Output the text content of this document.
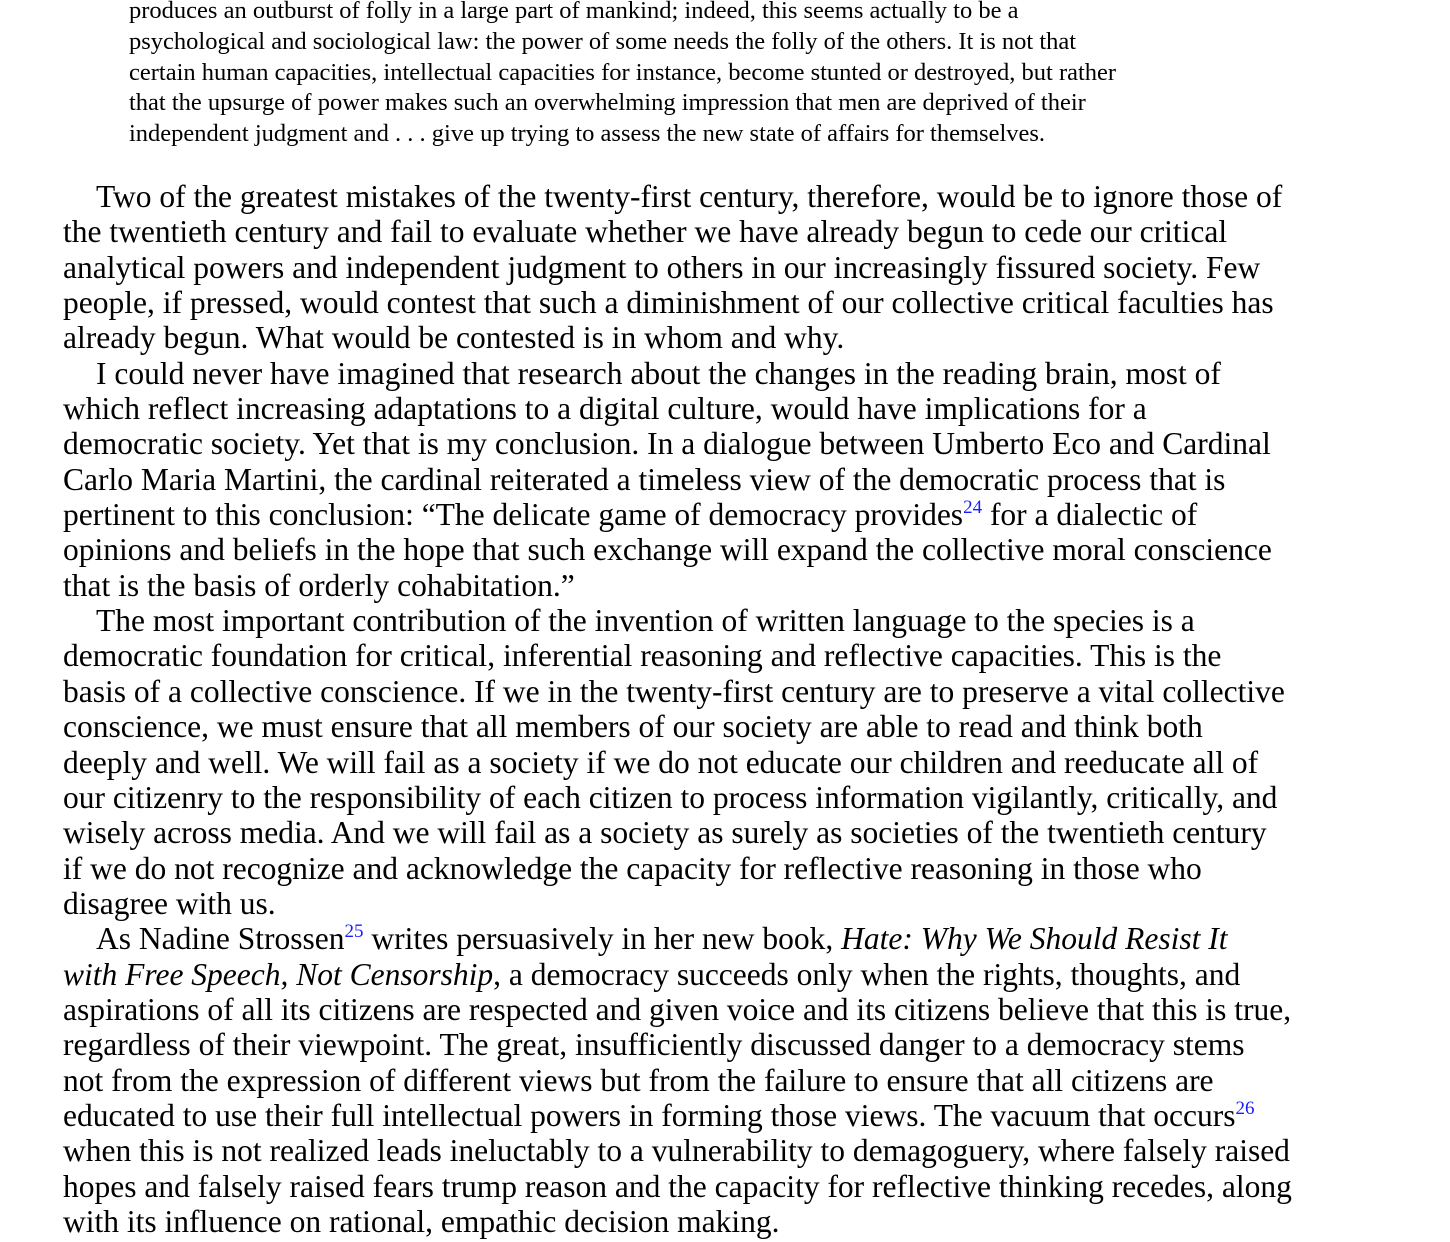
produces an outburst of folly in a large part of mankind; indeed, this seems actually to be a
psychological and sociological law: the power of some needs the folly of the others. It is not that
certain human capacities, intellectual capacities for instance, become stunted or destroyed, but rather
that the upsurge of power makes such an overwhelming impression that men are deprived of their
independent judgment and . . . give up trying to assess the new state of affairs for themselves.
Two of the greatest mistakes of the twenty-first century, therefore, would be to ignore those of
the twentieth century and fail to evaluate whether we have already begun to cede our critical
analytical powers and independent judgment to others in our increasingly fissured society. Few
people, if pressed, would contest that such a diminishment of our collective critical faculties has
already begun. What would be contested is in whom and why.
I could never have imagined that research about the changes in the reading brain, most of
which reflect increasing adaptations to a digital culture, would have implications for a
democratic society. Yet that is my conclusion. In a dialogue between Umberto Eco and Cardinal
Carlo Maria Martini, the cardinal reiterated a timeless view of the democratic process that is
pertinent to this conclusion: “The delicate game of democracy provides$^{24}$ for a dialectic of
opinions and beliefs in the hope that such exchange will expand the collective moral conscience
that is the basis of orderly cohabitation.”
The most important contribution of the invention of written language to the species is a
democratic foundation for critical, inferential reasoning and reflective capacities. This is the
basis of a collective conscience. If we in the twenty-first century are to preserve a vital collective
conscience, we must ensure that all members of our society are able to read and think both
deeply and well. We will fail as a society if we do not educate our children and reeducate all of
our citizenry to the responsibility of each citizen to process information vigilantly, critically, and
wisely across media. And we will fail as a society as surely as societies of the twentieth century
if we do not recognize and acknowledge the capacity for reflective reasoning in those who
disagree with us.
As Nadine Strossen$^{25}$ writes persuasively in her new book, Hate: Why We Should Resist It
with Free Speech, Not Censorship, a democracy succeeds only when the rights, thoughts, and
aspirations of all its citizens are respected and given voice and its citizens believe that this is true,
regardless of their viewpoint. The great, insufficiently discussed danger to a democracy stems
not from the expression of different views but from the failure to ensure that all citizens are
educated to use their full intellectual powers in forming those views. The vacuum that occurs$^{26}$
when this is not realized leads ineluctably to a vulnerability to demagoguery, where falsely raised
hopes and falsely raised fears trump reason and the capacity for reflective thinking recedes, along
with its influence on rational, empathic decision making.
